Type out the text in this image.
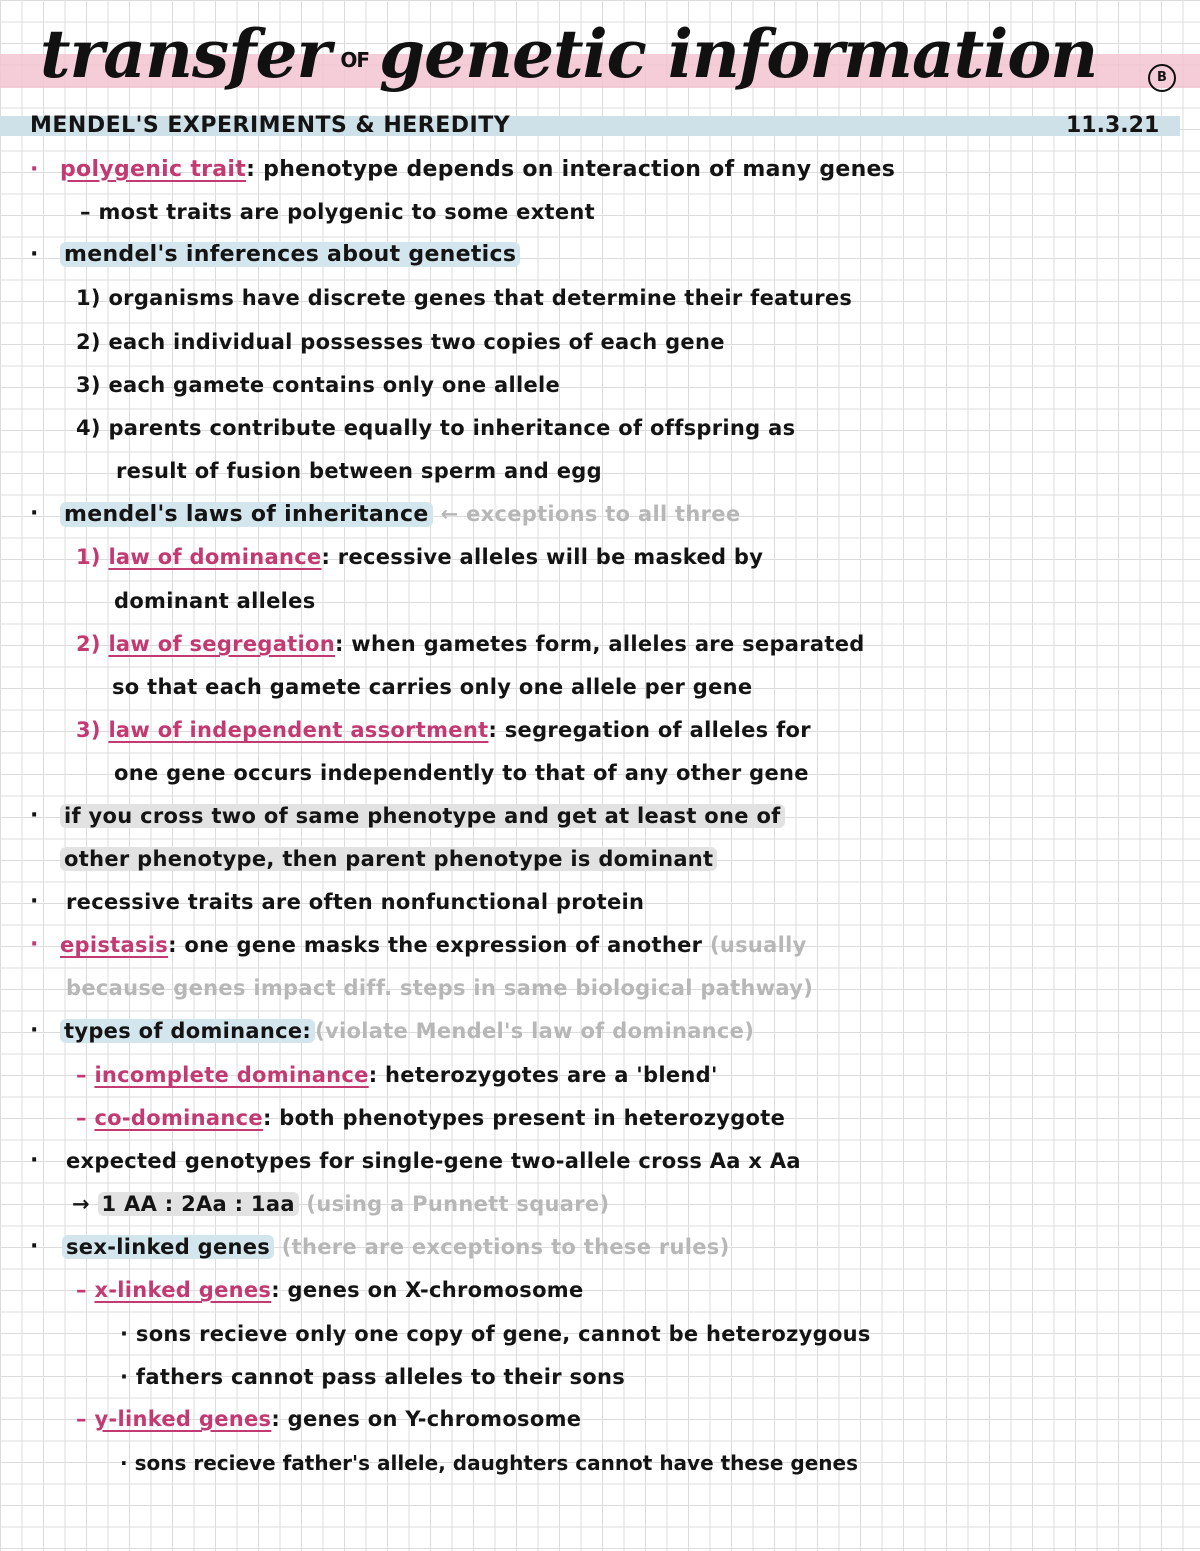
transfer OF genetic information	B
MENDEL'S EXPERIMENTS & HEREDITY	11.3.21
· polygenic trait: phenotype depends on interaction of many genes
– most traits are polygenic to some extent
· mendel's inferences about genetics
1) organisms have discrete genes that determine their features
2) each individual possesses two copies of each gene
3) each gamete contains only one allele
4) parents contribute equally to inheritance of offspring as
result of fusion between sperm and egg
· mendel's laws of inheritance ← exceptions to all three
1) law of dominance: recessive alleles will be masked by
dominant alleles
2) law of segregation: when gametes form, alleles are separated
so that each gamete carries only one allele per gene
3) law of independent assortment: segregation of alleles for
one gene occurs independently to that of any other gene
· if you cross two of same phenotype and get at least one of
other phenotype, then parent phenotype is dominant
· recessive traits are often nonfunctional protein
· epistasis: one gene masks the expression of another (usually
because genes impact diff. steps in same biological pathway)
· types of dominance: (violate Mendel's law of dominance)
– incomplete dominance: heterozygotes are a 'blend'
– co-dominance: both phenotypes present in heterozygote
· expected genotypes for single-gene two-allele cross Aa x Aa
→ 1 AA : 2Aa : 1aa (using a Punnett square)
· sex-linked genes (there are exceptions to these rules)
– x-linked genes: genes on X-chromosome
· sons recieve only one copy of gene, cannot be heterozygous
· fathers cannot pass alleles to their sons
– y-linked genes: genes on Y-chromosome
· sons recieve father's allele, daughters cannot have these genes
